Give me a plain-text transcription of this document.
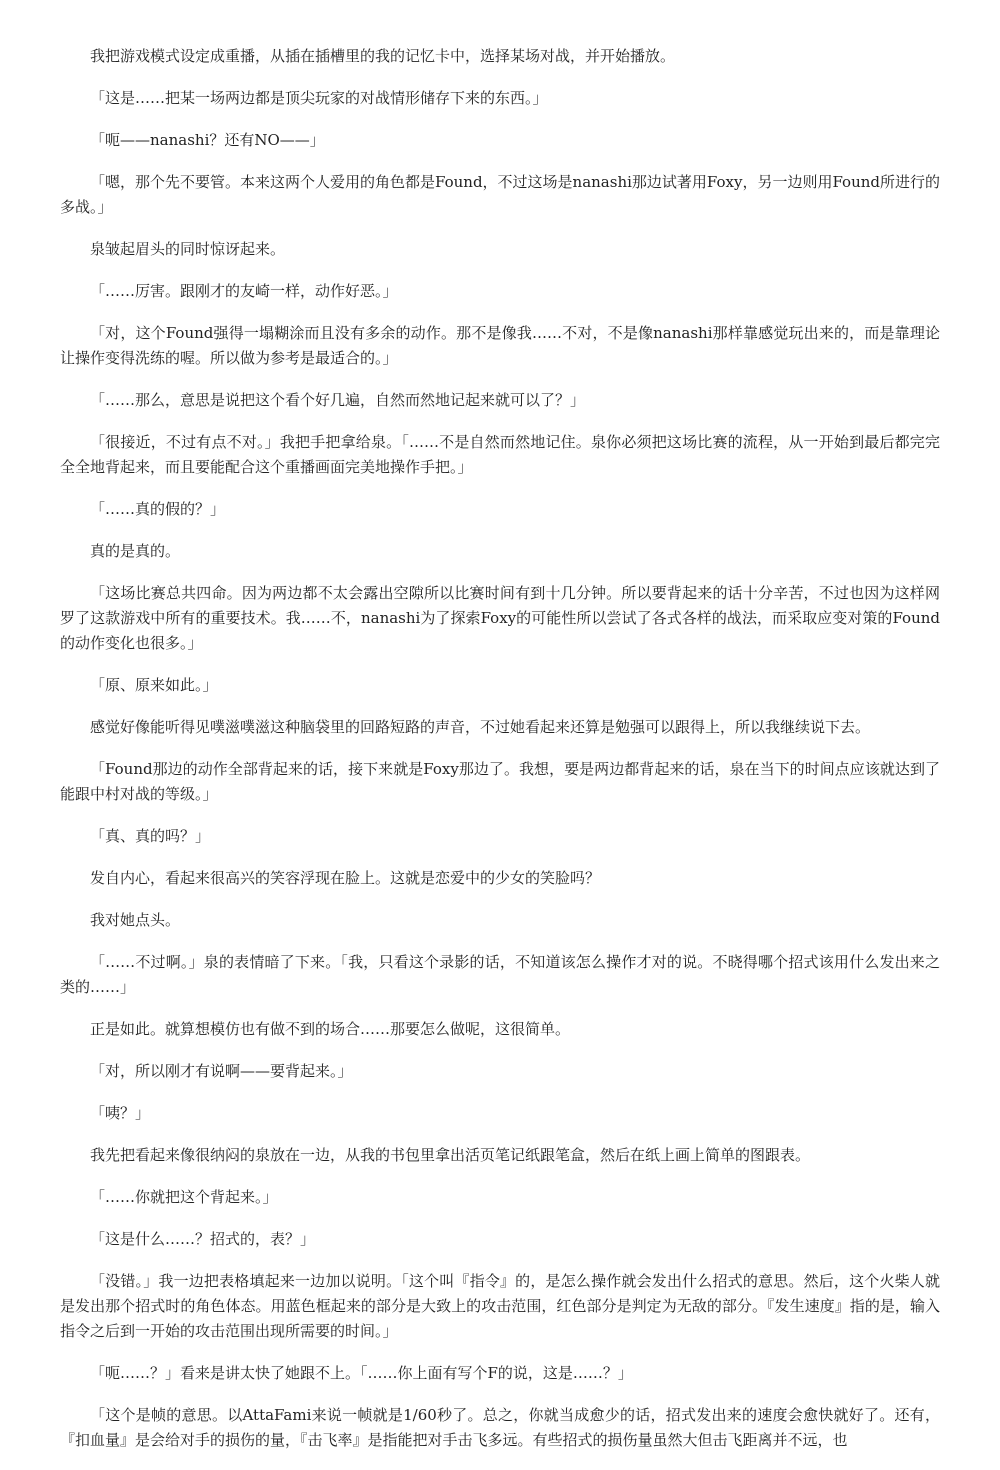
我把游戏模式设定成重播，从插在插槽里的我的记忆卡中，选择某场对战，并开始播放。

「这是……把某一场两边都是顶尖玩家的对战情形储存下来的东西。」

「呃——nanashi？还有NO——」

「嗯，那个先不要管。本来这两个人爱用的角色都是Found，不过这场是nanashi那边试著用Foxy，另一边则用Found所进行的多战。」

泉皱起眉头的同时惊讶起来。

「……厉害。跟刚才的友崎一样，动作好恶。」

「对，这个Found强得一塌糊涂而且没有多余的动作。那不是像我……不对，不是像nanashi那样靠感觉玩出来的，而是靠理论让操作变得洗练的喔。所以做为参考是最适合的。」

「……那么，意思是说把这个看个好几遍，自然而然地记起来就可以了？」

「很接近，不过有点不对。」我把手把拿给泉。「……不是自然而然地记住。泉你必须把这场比赛的流程，从一开始到最后都完完全全地背起来，而且要能配合这个重播画面完美地操作手把。」

「……真的假的？」

真的是真的。

「这场比赛总共四命。因为两边都不太会露出空隙所以比赛时间有到十几分钟。所以要背起来的话十分辛苦，不过也因为这样网罗了这款游戏中所有的重要技术。我……不，nanashi为了探索Foxy的可能性所以尝试了各式各样的战法，而采取应变对策的Found的动作变化也很多。」

「原、原来如此。」

感觉好像能听得见噗滋噗滋这种脑袋里的回路短路的声音，不过她看起来还算是勉强可以跟得上，所以我继续说下去。

「Found那边的动作全部背起来的话，接下来就是Foxy那边了。我想，要是两边都背起来的话，泉在当下的时间点应该就达到了能跟中村对战的等级。」

「真、真的吗？」

发自内心，看起来很高兴的笑容浮现在脸上。这就是恋爱中的少女的笑脸吗？

我对她点头。

「……不过啊。」泉的表情暗了下来。「我，只看这个录影的话，不知道该怎么操作才对的说。不晓得哪个招式该用什么发出来之类的……」

正是如此。就算想模仿也有做不到的场合……那要怎么做呢，这很简单。

「对，所以刚才有说啊——要背起来。」

「咦？」

我先把看起来像很纳闷的泉放在一边，从我的书包里拿出活页笔记纸跟笔盒，然后在纸上画上简单的图跟表。

「……你就把这个背起来。」

「这是什么……？招式的，表？」

「没错。」我一边把表格填起来一边加以说明。「这个叫『指令』的，是怎么操作就会发出什么招式的意思。然后，这个火柴人就是发出那个招式时的角色体态。用蓝色框起来的部分是大致上的攻击范围，红色部分是判定为无敌的部分。『发生速度』指的是，输入指令之后到一开始的攻击范围出现所需要的时间。」

「呃……？」看来是讲太快了她跟不上。「……你上面有写个F的说，这是……？」

「这个是帧的意思。以AttaFami来说一帧就是1/60秒了。总之，你就当成愈少的话，招式发出来的速度会愈快就好了。还有，『扣血量』是会给对手的损伤的量，『击飞率』是指能把对手击飞多远。有些招式的损伤量虽然大但击飞距离并不远，也
